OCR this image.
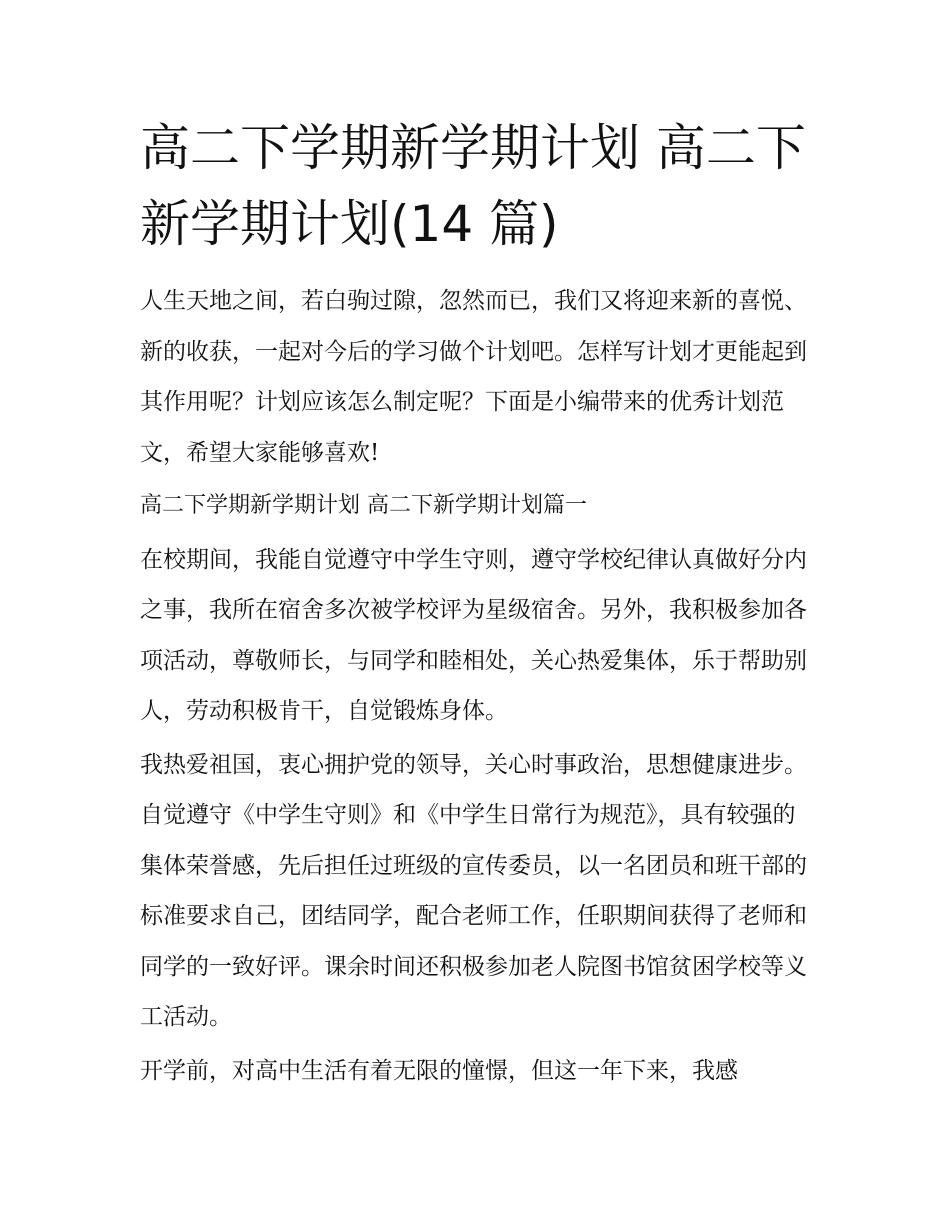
高二下学期新学期计划 高二下新学期计划(14 篇)

人生天地之间，若白驹过隙，忽然而已，我们又将迎来新的喜悦、新的收获，一起对今后的学习做个计划吧。怎样写计划才更能起到其作用呢？计划应该怎么制定呢？下面是小编带来的优秀计划范文，希望大家能够喜欢!

高二下学期新学期计划 高二下新学期计划篇一

在校期间，我能自觉遵守中学生守则，遵守学校纪律认真做好分内之事，我所在宿舍多次被学校评为星级宿舍。另外，我积极参加各项活动，尊敬师长，与同学和睦相处，关心热爱集体，乐于帮助别人，劳动积极肯干，自觉锻炼身体。

我热爱祖国，衷心拥护党的领导，关心时事政治，思想健康进步。自觉遵守《中学生守则》和《中学生日常行为规范》，具有较强的集体荣誉感，先后担任过班级的宣传委员，以一名团员和班干部的标准要求自己，团结同学，配合老师工作，任职期间获得了老师和同学的一致好评。课余时间还积极参加老人院图书馆贫困学校等义工活动。

开学前，对高中生活有着无限的憧憬，但这一年下来，我感
